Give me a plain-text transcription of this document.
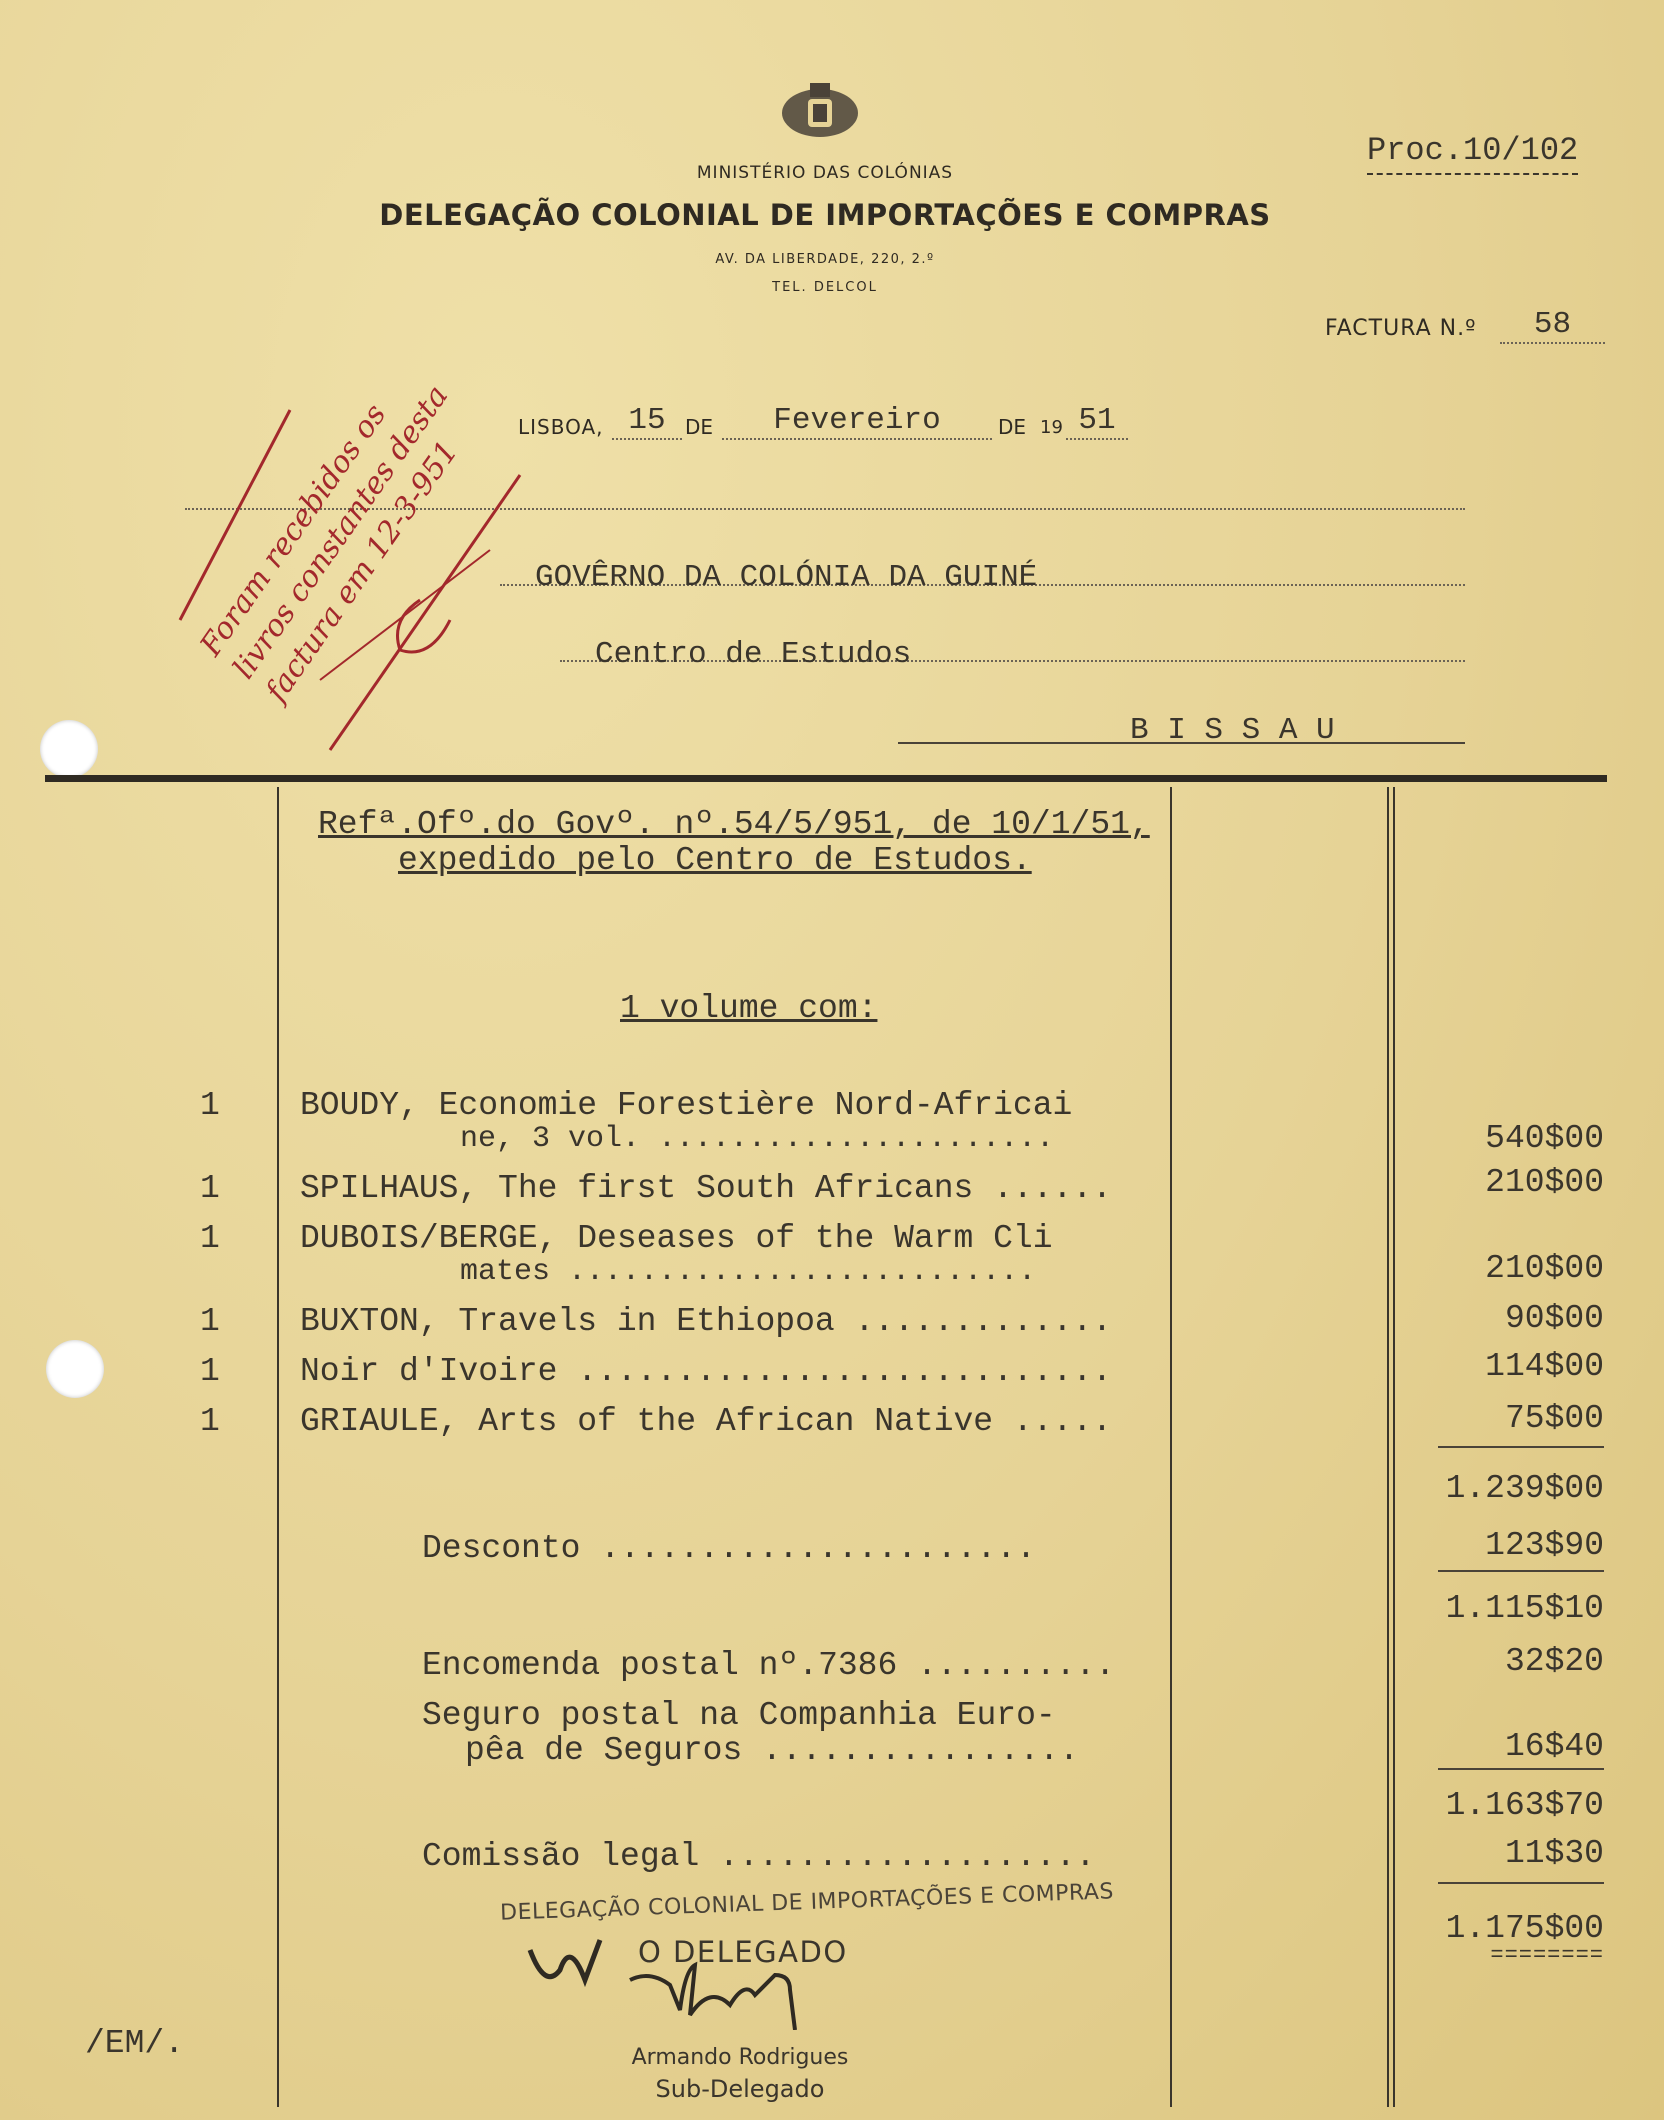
MINISTÉRIO DAS COLÓNIAS
DELEGAÇÃO COLONIAL DE IMPORTAÇÕES E COMPRAS
AV. DA LIBERDADE, 220, 2.º
TEL. DELCOL
Proc.10/102
FACTURA N.º	58
LISBOA, 15 DE	Fevereiro	DE 19 51
GOVÊRNO DA COLÓNIA DA GUINÉ
Centro de Estudos
B I S S A U
Foram recebidos os livros constantes desta factura em 12-3-951
Refª.Ofº.do Govº. nº.54/5/951, de 10/1/51,
expedido pelo Centro de Estudos.
1 volume com:
1 BOUDY, Economie Forestière Nord-Africai
ne, 3 vol. ......................	540$00
1 SPILHAUS, The first South Africans ......	210$00
1 DUBOIS/BERGE, Deseases of the Warm Cli
mates ..........................	210$00
1 BUXTON, Travels in Ethiopoa .............	90$00
1 Noir d'Ivoire ...........................	114$00
1 GRIAULE, Arts of the African Native .....	75$00
1.239$00
Desconto ......................	123$90
1.115$10
Encomenda postal nº.7386 ..........	32$20
Seguro postal na Companhia Euro-
pêa de Seguros ................	16$40
1.163$70
Comissão legal ...................	11$30
1.175$00
========
DELEGAÇÃO COLONIAL DE IMPORTAÇÕES E COMPRAS
O DELEGADO
Armando Rodrigues
Sub-Delegado
/EM/.
